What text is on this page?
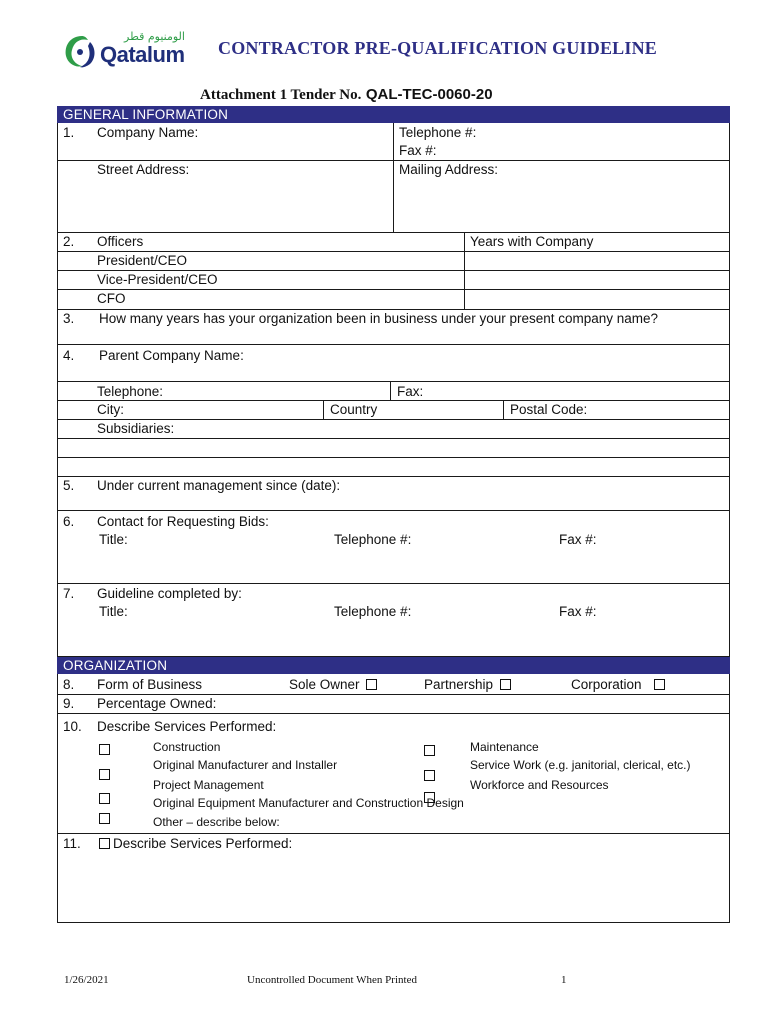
الومنيوم قطر
Qatalum CONTRACTOR PRE-QUALIFICATION GUIDELINE
Attachment 1 Tender No. QAL-TEC-0060-20
GENERAL INFORMATION
1. Company Name:	Telephone #:
Fax #:
Street Address:	Mailing Address:
2. Officers	Years with Company
President/CEO
Vice-President/CEO
CFO
3. How many years has your organization been in business under your present company name?
4. Parent Company Name:
Telephone:	Fax:
City:	Country	Postal Code:
Subsidiaries:
5. Under current management since (date):
6. Contact for Requesting Bids:
Title:	Telephone #:	Fax #:
7. Guideline completed by:
Title:	Telephone #:	Fax #:
ORGANIZATION
8. Form of Business	Sole Owner	Partnership	Corporation
9. Percentage Owned:
10. Describe Services Performed:
Construction
Original Manufacturer and Installer
Project Management
Original Equipment Manufacturer and Construction Design
Other – describe below:
Maintenance
Service Work (e.g. janitorial, clerical, etc.)
Workforce and Resources
11.	Describe Services Performed:
1/26/2021	Uncontrolled Document When Printed	1
